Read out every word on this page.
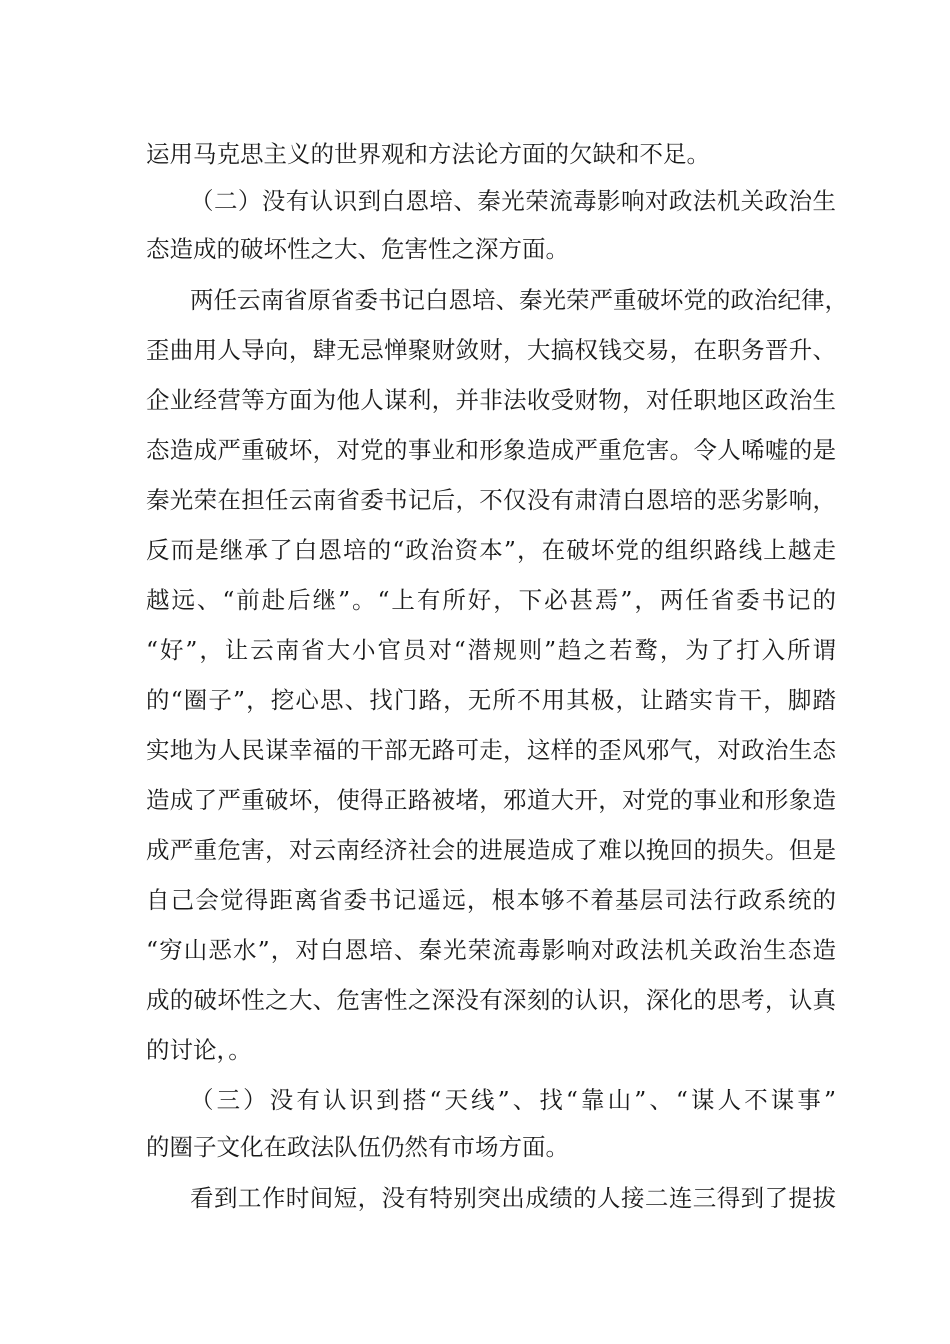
运用马克思主义的世界观和方法论方面的欠缺和不足。

（二）没有认识到白恩培、秦光荣流毒影响对政法机关政治生

态造成的破坏性之大、危害性之深方面。

两任云南省原省委书记白恩培、秦光荣严重破坏党的政治纪律，

歪曲用人导向，肆无忌惮聚财敛财，大搞权钱交易，在职务晋升、

企业经营等方面为他人谋利，并非法收受财物，对任职地区政治生

态造成严重破坏，对党的事业和形象造成严重危害。令人唏嘘的是

秦光荣在担任云南省委书记后，不仅没有肃清白恩培的恶劣影响，

反而是继承了白恩培的“政治资本”，在破坏党的组织路线上越走

越远、“前赴后继”。“上有所好，下必甚焉”，两任省委书记的

“好”，让云南省大小官员对“潜规则”趋之若鹜，为了打入所谓

的“圈子”，挖心思、找门路，无所不用其极，让踏实肯干，脚踏

实地为人民谋幸福的干部无路可走，这样的歪风邪气，对政治生态

造成了严重破坏，使得正路被堵，邪道大开，对党的事业和形象造

成严重危害，对云南经济社会的进展造成了难以挽回的损失。但是

自己会觉得距离省委书记遥远，根本够不着基层司法行政系统的

“穷山恶水”，对白恩培、秦光荣流毒影响对政法机关政治生态造

成的破坏性之大、危害性之深没有深刻的认识，深化的思考，认真

的讨论，。

（三）没有认识到搭“天线”、找“靠山”、“谋人不谋事”

的圈子文化在政法队伍仍然有市场方面。

看到工作时间短，没有特别突出成绩的人接二连三得到了提拔
